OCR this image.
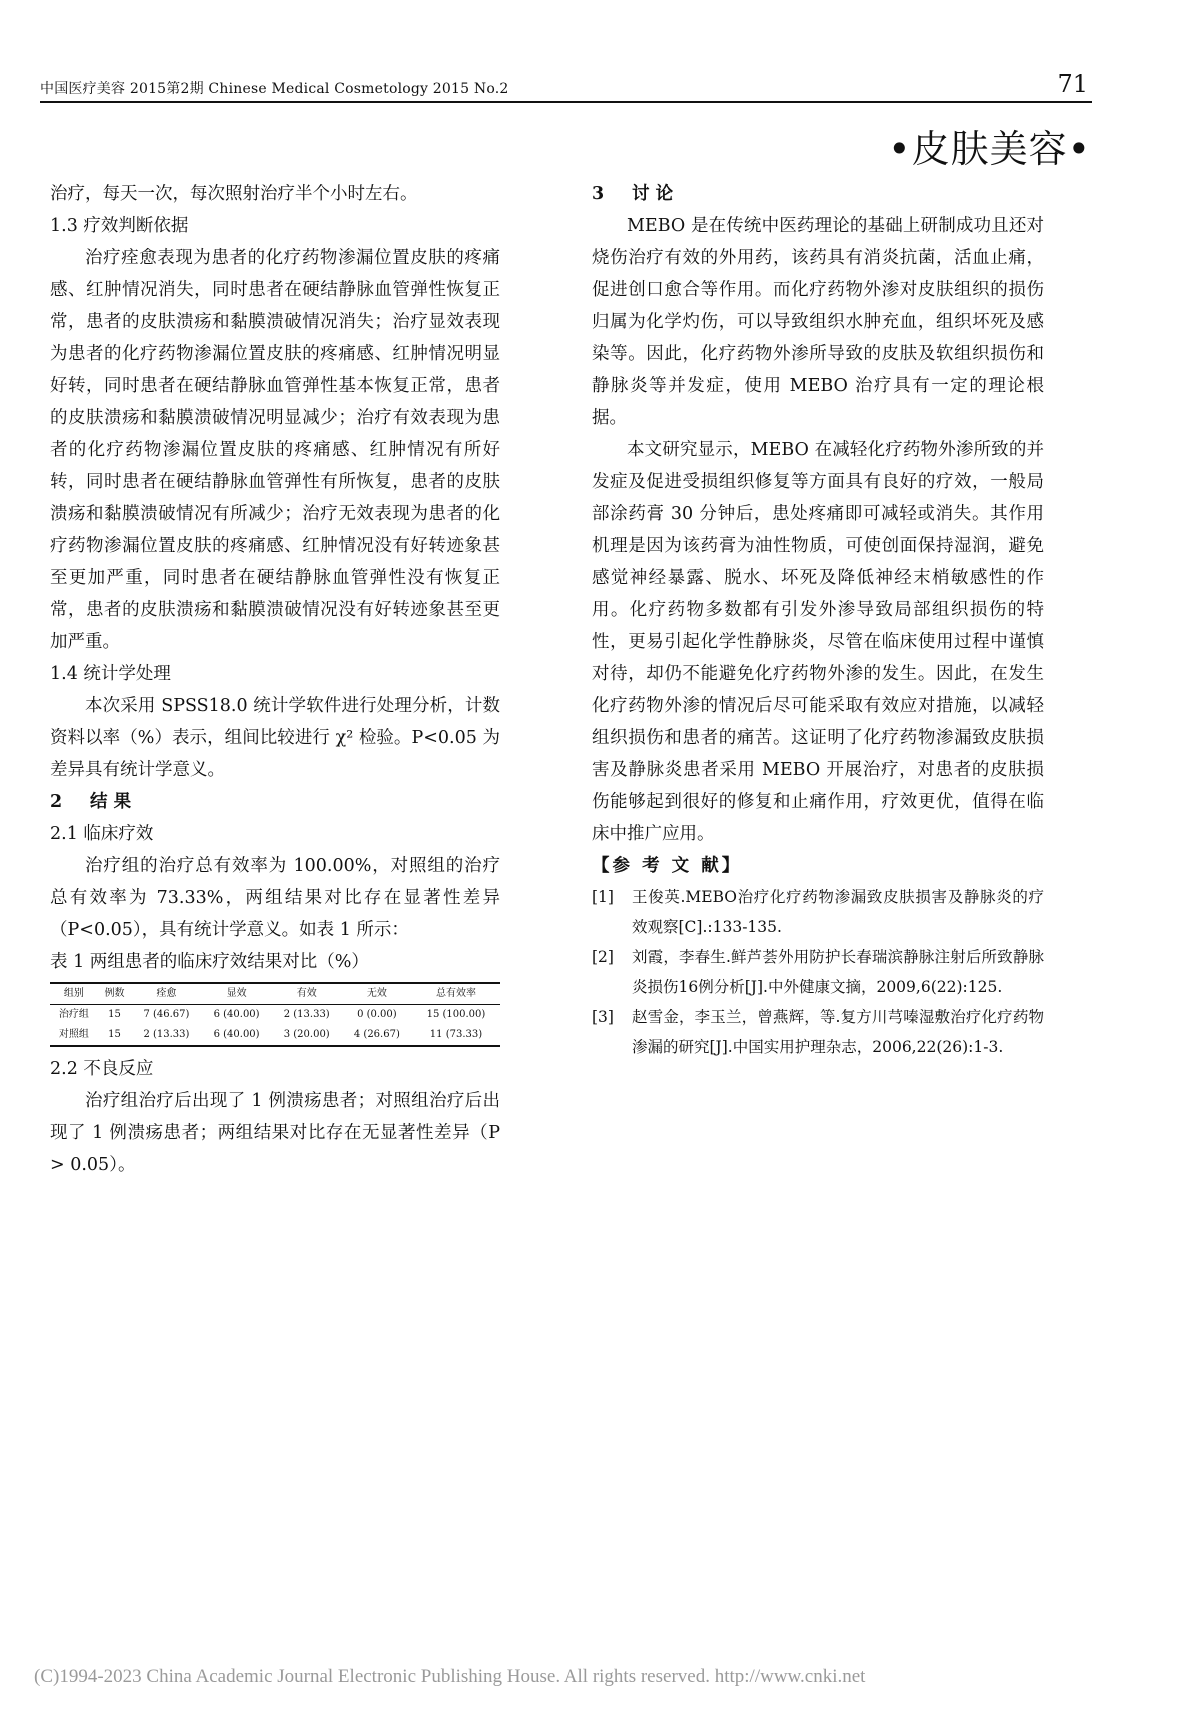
中国医疗美容 2015第2期 Chinese Medical Cosmetology 2015 No.2	71
•皮肤美容•

治疗，每天一次，每次照射治疗半个小时左右。

1.3 疗效判断依据

治疗痊愈表现为患者的化疗药物渗漏位置皮肤的疼痛感、红肿情况消失，同时患者在硬结静脉血管弹性恢复正常，患者的皮肤溃疡和黏膜溃破情况消失；治疗显效表现为患者的化疗药物渗漏位置皮肤的疼痛感、红肿情况明显好转，同时患者在硬结静脉血管弹性基本恢复正常，患者的皮肤溃疡和黏膜溃破情况明显减少；治疗有效表现为患者的化疗药物渗漏位置皮肤的疼痛感、红肿情况有所好转，同时患者在硬结静脉血管弹性有所恢复，患者的皮肤溃疡和黏膜溃破情况有所减少；治疗无效表现为患者的化疗药物渗漏位置皮肤的疼痛感、红肿情况没有好转迹象甚至更加严重，同时患者在硬结静脉血管弹性没有恢复正常，患者的皮肤溃疡和黏膜溃破情况没有好转迹象甚至更加严重。

1.4 统计学处理

本次采用 SPSS18.0 统计学软件进行处理分析，计数资料以率（%）表示，组间比较进行 χ² 检验。P<0.05 为差异具有统计学意义。

2 结 果

2.1 临床疗效

治疗组的治疗总有效率为 100.00%，对照组的治疗总有效率为 73.33%，两组结果对比存在显著性差异（P<0.05），具有统计学意义。如表 1 所示：

表 1 两组患者的临床疗效结果对比（%）

组别	例数	痊愈	显效	有效	无效	总有效率
治疗组	15	7 (46.67)	6 (40.00)	2 (13.33)	0 (0.00)	15 (100.00)
对照组	15	2 (13.33)	6 (40.00)	3 (20.00)	4 (26.67)	11 (73.33)

2.2 不良反应

治疗组治疗后出现了 1 例溃疡患者；对照组治疗后出现了 1 例溃疡患者；两组结果对比存在无显著性差异（P > 0.05）。

3 讨 论

MEBO 是在传统中医药理论的基础上研制成功且还对烧伤治疗有效的外用药，该药具有消炎抗菌，活血止痛，促进创口愈合等作用。而化疗药物外渗对皮肤组织的损伤归属为化学灼伤，可以导致组织水肿充血，组织坏死及感染等。因此，化疗药物外渗所导致的皮肤及软组织损伤和静脉炎等并发症，使用 MEBO 治疗具有一定的理论根据。

本文研究显示，MEBO 在减轻化疗药物外渗所致的并发症及促进受损组织修复等方面具有良好的疗效，一般局部涂药膏 30 分钟后，患处疼痛即可减轻或消失。其作用机理是因为该药膏为油性物质，可使创面保持湿润，避免感觉神经暴露、脱水、坏死及降低神经末梢敏感性的作用。化疗药物多数都有引发外渗导致局部组织损伤的特性，更易引起化学性静脉炎，尽管在临床使用过程中谨慎对待，却仍不能避免化疗药物外渗的发生。因此，在发生化疗药物外渗的情况后尽可能采取有效应对措施，以减轻组织损伤和患者的痛苦。这证明了化疗药物渗漏致皮肤损害及静脉炎患者采用 MEBO 开展治疗，对患者的皮肤损伤能够起到很好的修复和止痛作用，疗效更优，值得在临床中推广应用。

【参 考 文 献】

[1] 王俊英.MEBO治疗化疗药物渗漏致皮肤损害及静脉炎的疗效观察[C].:133-135.

[2] 刘霞，李春生.鲜芦荟外用防护长春瑞滨静脉注射后所致静脉炎损伤16例分析[J].中外健康文摘，2009,6(22):125.

[3] 赵雪金，李玉兰，曾燕辉，等.复方川芎嗪湿敷治疗化疗药物渗漏的研究[J].中国实用护理杂志，2006,22(26):1-3.

(C)1994-2023 China Academic Journal Electronic Publishing House. All rights reserved. http://www.cnki.net
